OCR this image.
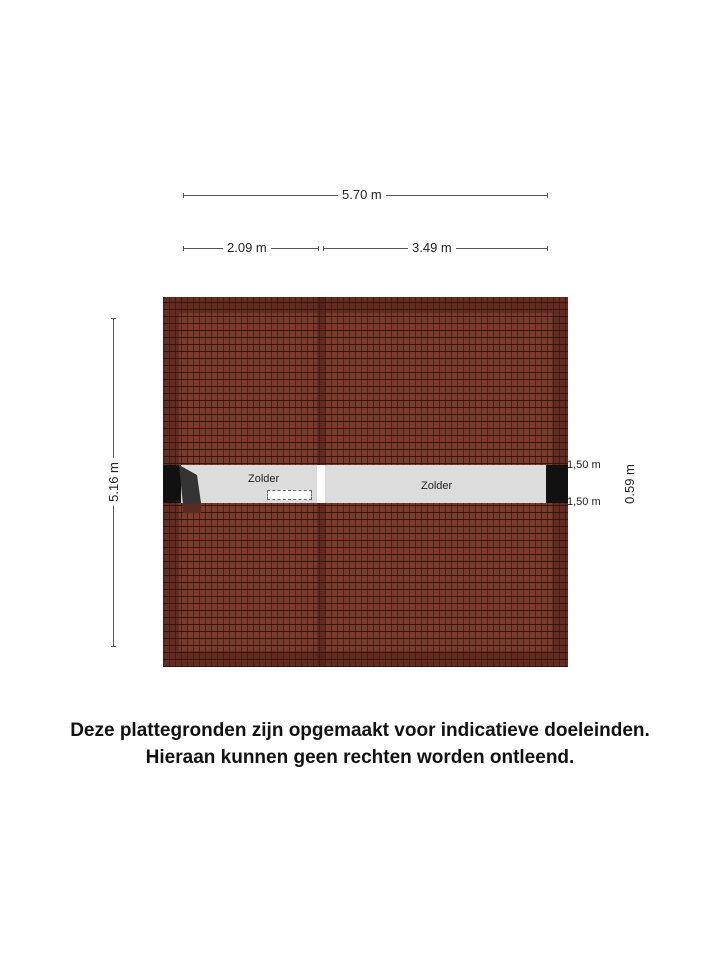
5.70 m
2.09 m	3.49 m
5.16 m	Zolder
Zolder
1,50 m
1,50 m 0.59 m
Deze plattegronden zijn opgemaakt voor indicatieve doeleinden.
Hieraan kunnen geen rechten worden ontleend.
